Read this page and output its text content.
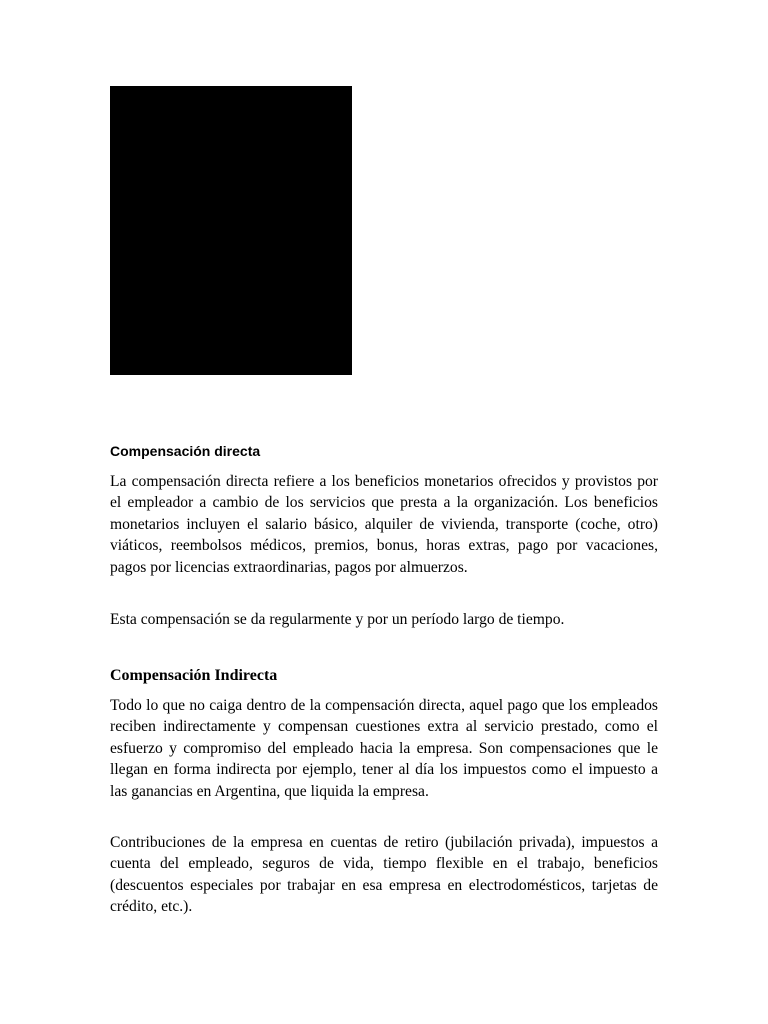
Compensación directa

La compensación directa refiere a los beneficios monetarios ofrecidos y provistos por el empleador a cambio de los servicios que presta a la organización. Los beneficios monetarios incluyen el salario básico, alquiler de vivienda, transporte (coche, otro) viáticos, reembolsos médicos, premios, bonus, horas extras, pago por vacaciones, pagos por licencias extraordinarias, pagos por almuerzos.

Esta compensación se da regularmente y por un período largo de tiempo.

Compensación Indirecta

Todo lo que no caiga dentro de la compensación directa, aquel pago que los empleados reciben indirectamente y compensan cuestiones extra al servicio prestado, como el esfuerzo y compromiso del empleado hacia la empresa. Son compensaciones que le llegan en forma indirecta por ejemplo, tener al día los impuestos como el impuesto a las ganancias en Argentina, que liquida la empresa.

Contribuciones de la empresa en cuentas de retiro (jubilación privada), impuestos a cuenta del empleado, seguros de vida, tiempo flexible en el trabajo, beneficios (descuentos especiales por trabajar en esa empresa en electrodomésticos, tarjetas de crédito, etc.).
